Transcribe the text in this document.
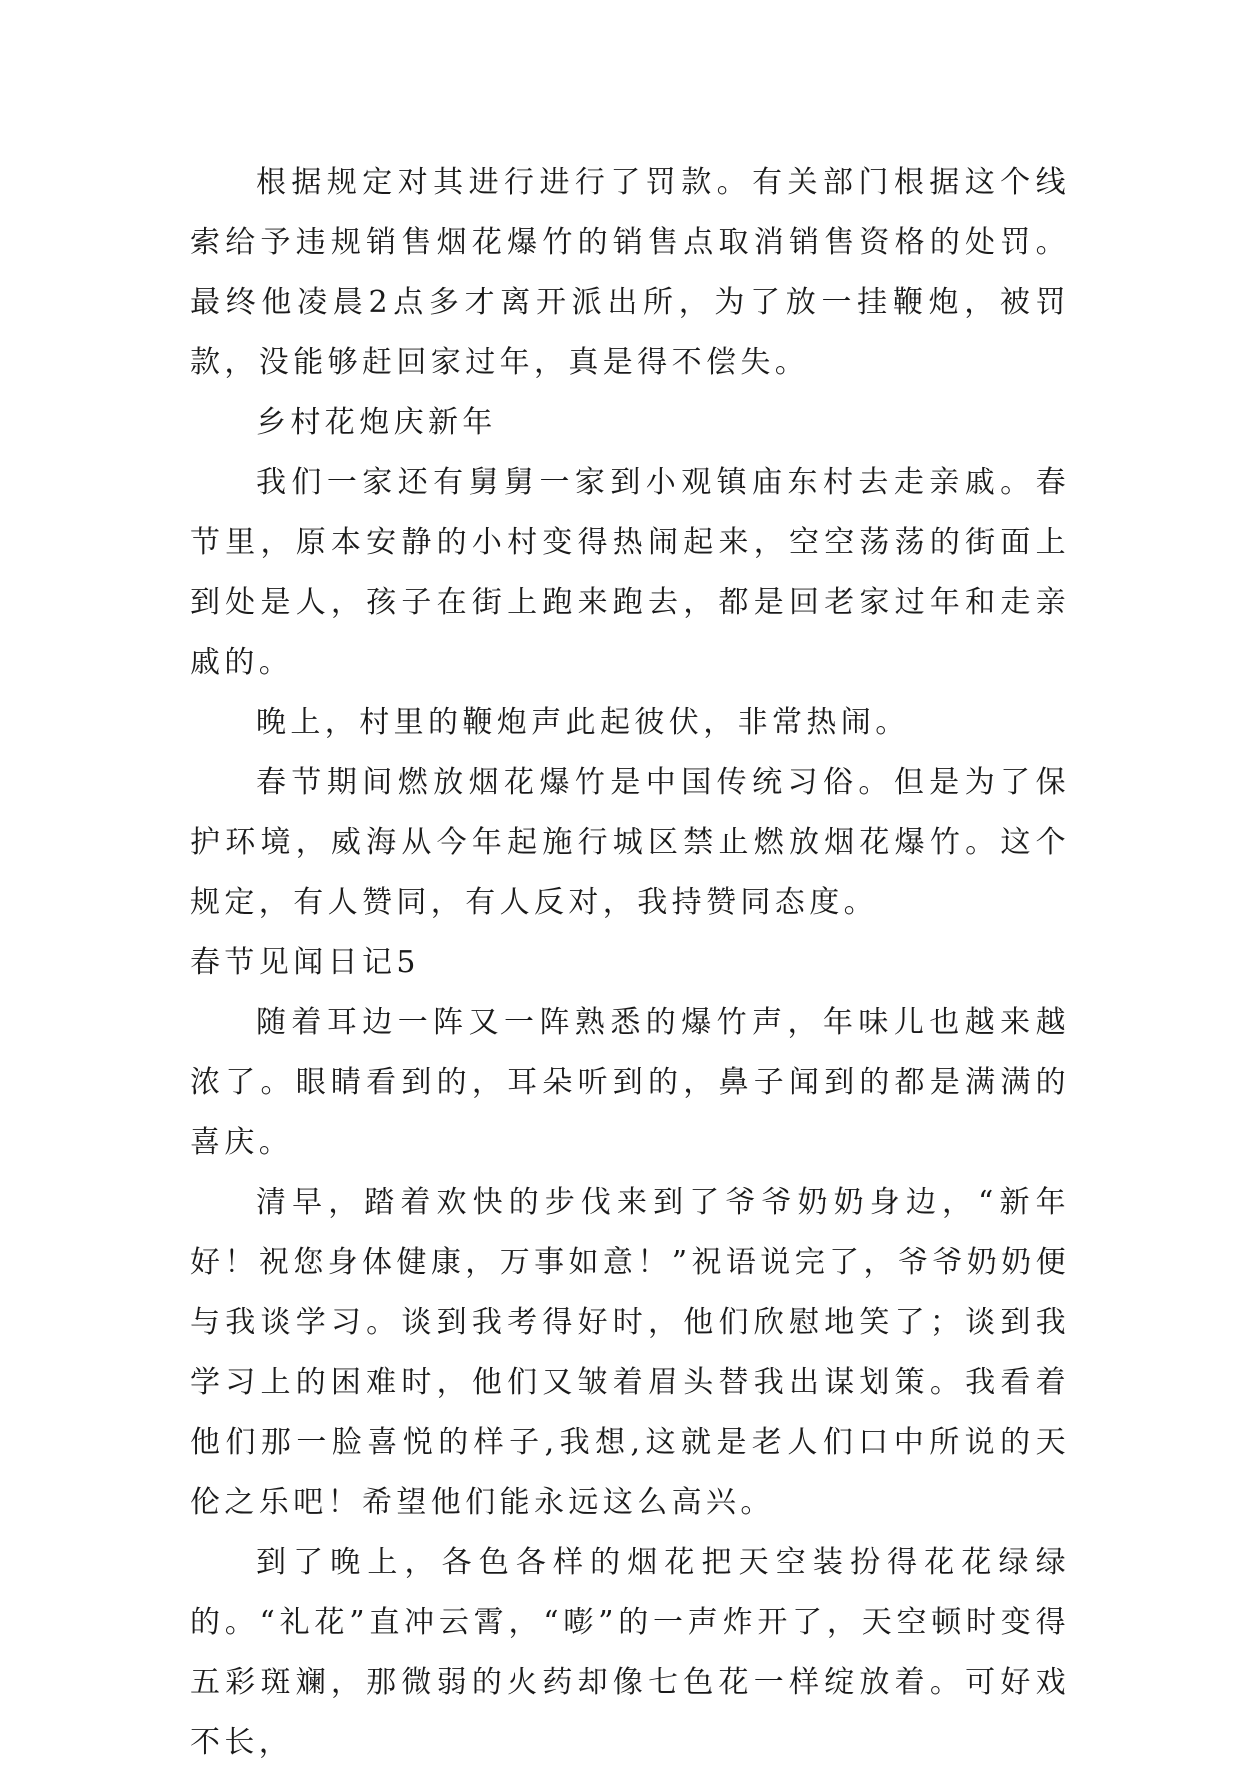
根据规定对其进行进行了罚款。有关部门根据这个线索给予违规销售烟花爆竹的销售点取消销售资格的处罚。最终他凌晨2点多才离开派出所，为了放一挂鞭炮，被罚款，没能够赶回家过年，真是得不偿失。

乡村花炮庆新年

我们一家还有舅舅一家到小观镇庙东村去走亲戚。春节里，原本安静的小村变得热闹起来，空空荡荡的街面上到处是人，孩子在街上跑来跑去，都是回老家过年和走亲戚的。

晚上，村里的鞭炮声此起彼伏，非常热闹。

春节期间燃放烟花爆竹是中国传统习俗。但是为了保护环境，威海从今年起施行城区禁止燃放烟花爆竹。这个规定，有人赞同，有人反对，我持赞同态度。

春节见闻日记5

随着耳边一阵又一阵熟悉的爆竹声，年味儿也越来越浓了。眼睛看到的，耳朵听到的，鼻子闻到的都是满满的喜庆。

清早，踏着欢快的步伐来到了爷爷奶奶身边，“新年好！祝您身体健康，万事如意！”祝语说完了，爷爷奶奶便与我谈学习。谈到我考得好时，他们欣慰地笑了；谈到我学习上的困难时，他们又皱着眉头替我出谋划策。我看着他们那一脸喜悦的样子,我想,这就是老人们口中所说的天伦之乐吧！希望他们能永远这么高兴。

到了晚上，各色各样的烟花把天空装扮得花花绿绿的。“礼花”直冲云霄，“嘭”的一声炸开了，天空顿时变得五彩斑斓，那微弱的火药却像七色花一样绽放着。可好戏不长，
